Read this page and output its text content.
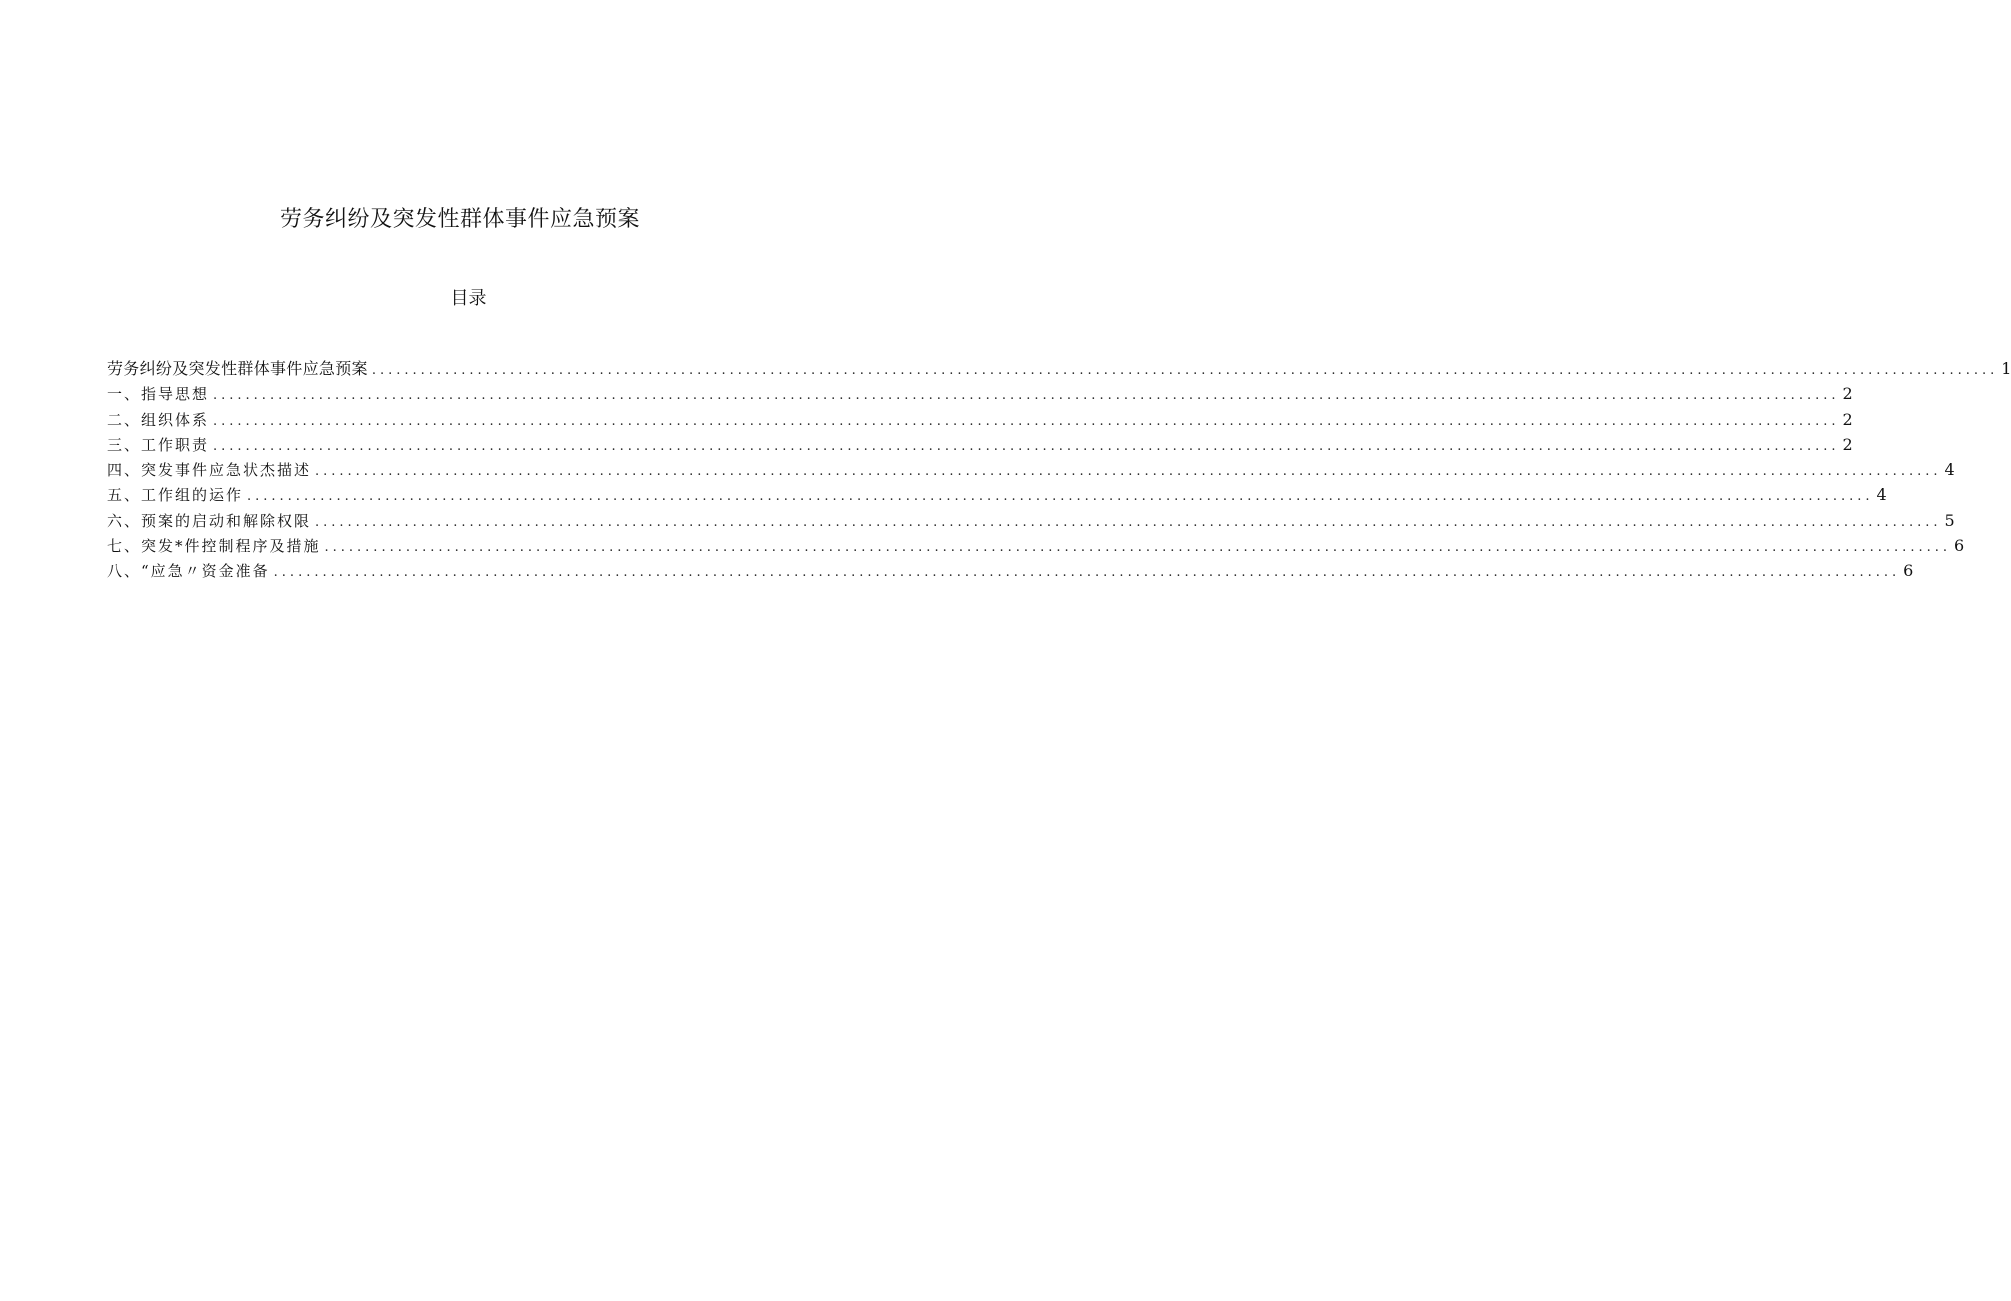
劳务纠纷及突发性群体事件应急预案
目录
劳务纠纷及突发性群体事件应急预案 ........................................................................................................................................................................................................ 1
一、指导思想 ........................................................................................................................................................................................................ 2
二、组织体系 ........................................................................................................................................................................................................ 2
三、工作职责 ........................................................................................................................................................................................................ 2
四、突发事件应急状杰描述 ........................................................................................................................................................................................................ 4
五、工作组的运作 ........................................................................................................................................................................................................ 4
六、预案的启动和解除权限 ........................................................................................................................................................................................................ 5
七、突发*件控制程序及措施 ........................................................................................................................................................................................................ 6
八、“应急〃资金准备 ........................................................................................................................................................................................................ 6
